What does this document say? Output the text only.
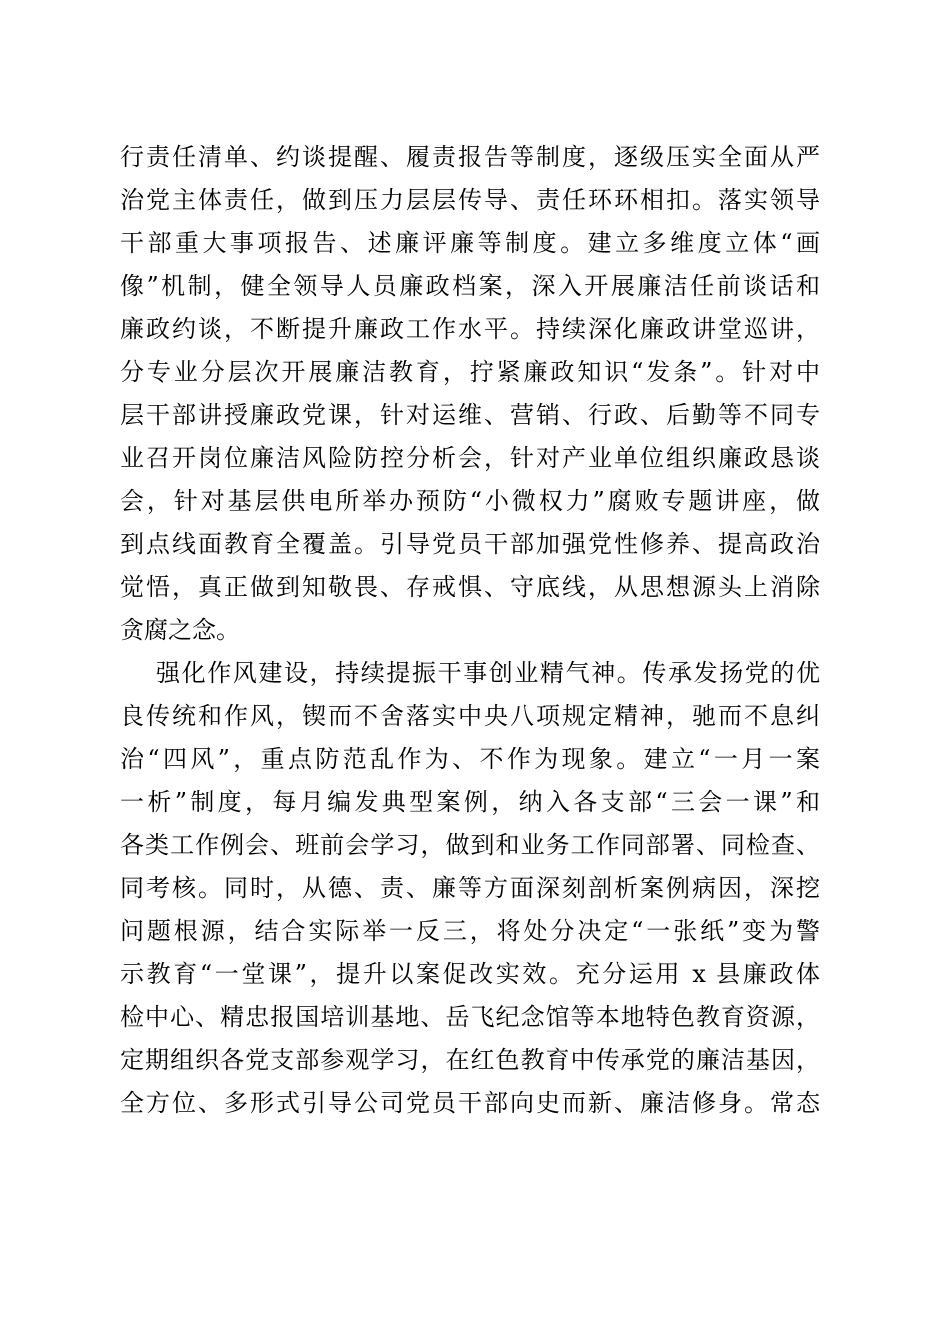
行责任清单、约谈提醒、履责报告等制度，逐级压实全面从严
治党主体责任，做到压力层层传导、责任环环相扣。落实领导
干部重大事项报告、述廉评廉等制度。建立多维度立体“画
像”机制，健全领导人员廉政档案，深入开展廉洁任前谈话和
廉政约谈，不断提升廉政工作水平。持续深化廉政讲堂巡讲，
分专业分层次开展廉洁教育，拧紧廉政知识“发条”。针对中
层干部讲授廉政党课，针对运维、营销、行政、后勤等不同专
业召开岗位廉洁风险防控分析会，针对产业单位组织廉政恳谈
会，针对基层供电所举办预防“小微权力”腐败专题讲座，做
到点线面教育全覆盖。引导党员干部加强党性修养、提高政治
觉悟，真正做到知敬畏、存戒惧、守底线，从思想源头上消除
贪腐之念。
强化作风建设，持续提振干事创业精气神。传承发扬党的优
良传统和作风，锲而不舍落实中央八项规定精神，驰而不息纠
治“四风”，重点防范乱作为、不作为现象。建立“一月一案
一析”制度，每月编发典型案例，纳入各支部“三会一课”和
各类工作例会、班前会学习，做到和业务工作同部署、同检查、
同考核。同时，从德、责、廉等方面深刻剖析案例病因，深挖
问题根源，结合实际举一反三，将处分决定“一张纸”变为警
示教育“一堂课”，提升以案促改实效。充分运用 x 县廉政体
检中心、精忠报国培训基地、岳飞纪念馆等本地特色教育资源，
定期组织各党支部参观学习，在红色教育中传承党的廉洁基因，
全方位、多形式引导公司党员干部向史而新、廉洁修身。常态
